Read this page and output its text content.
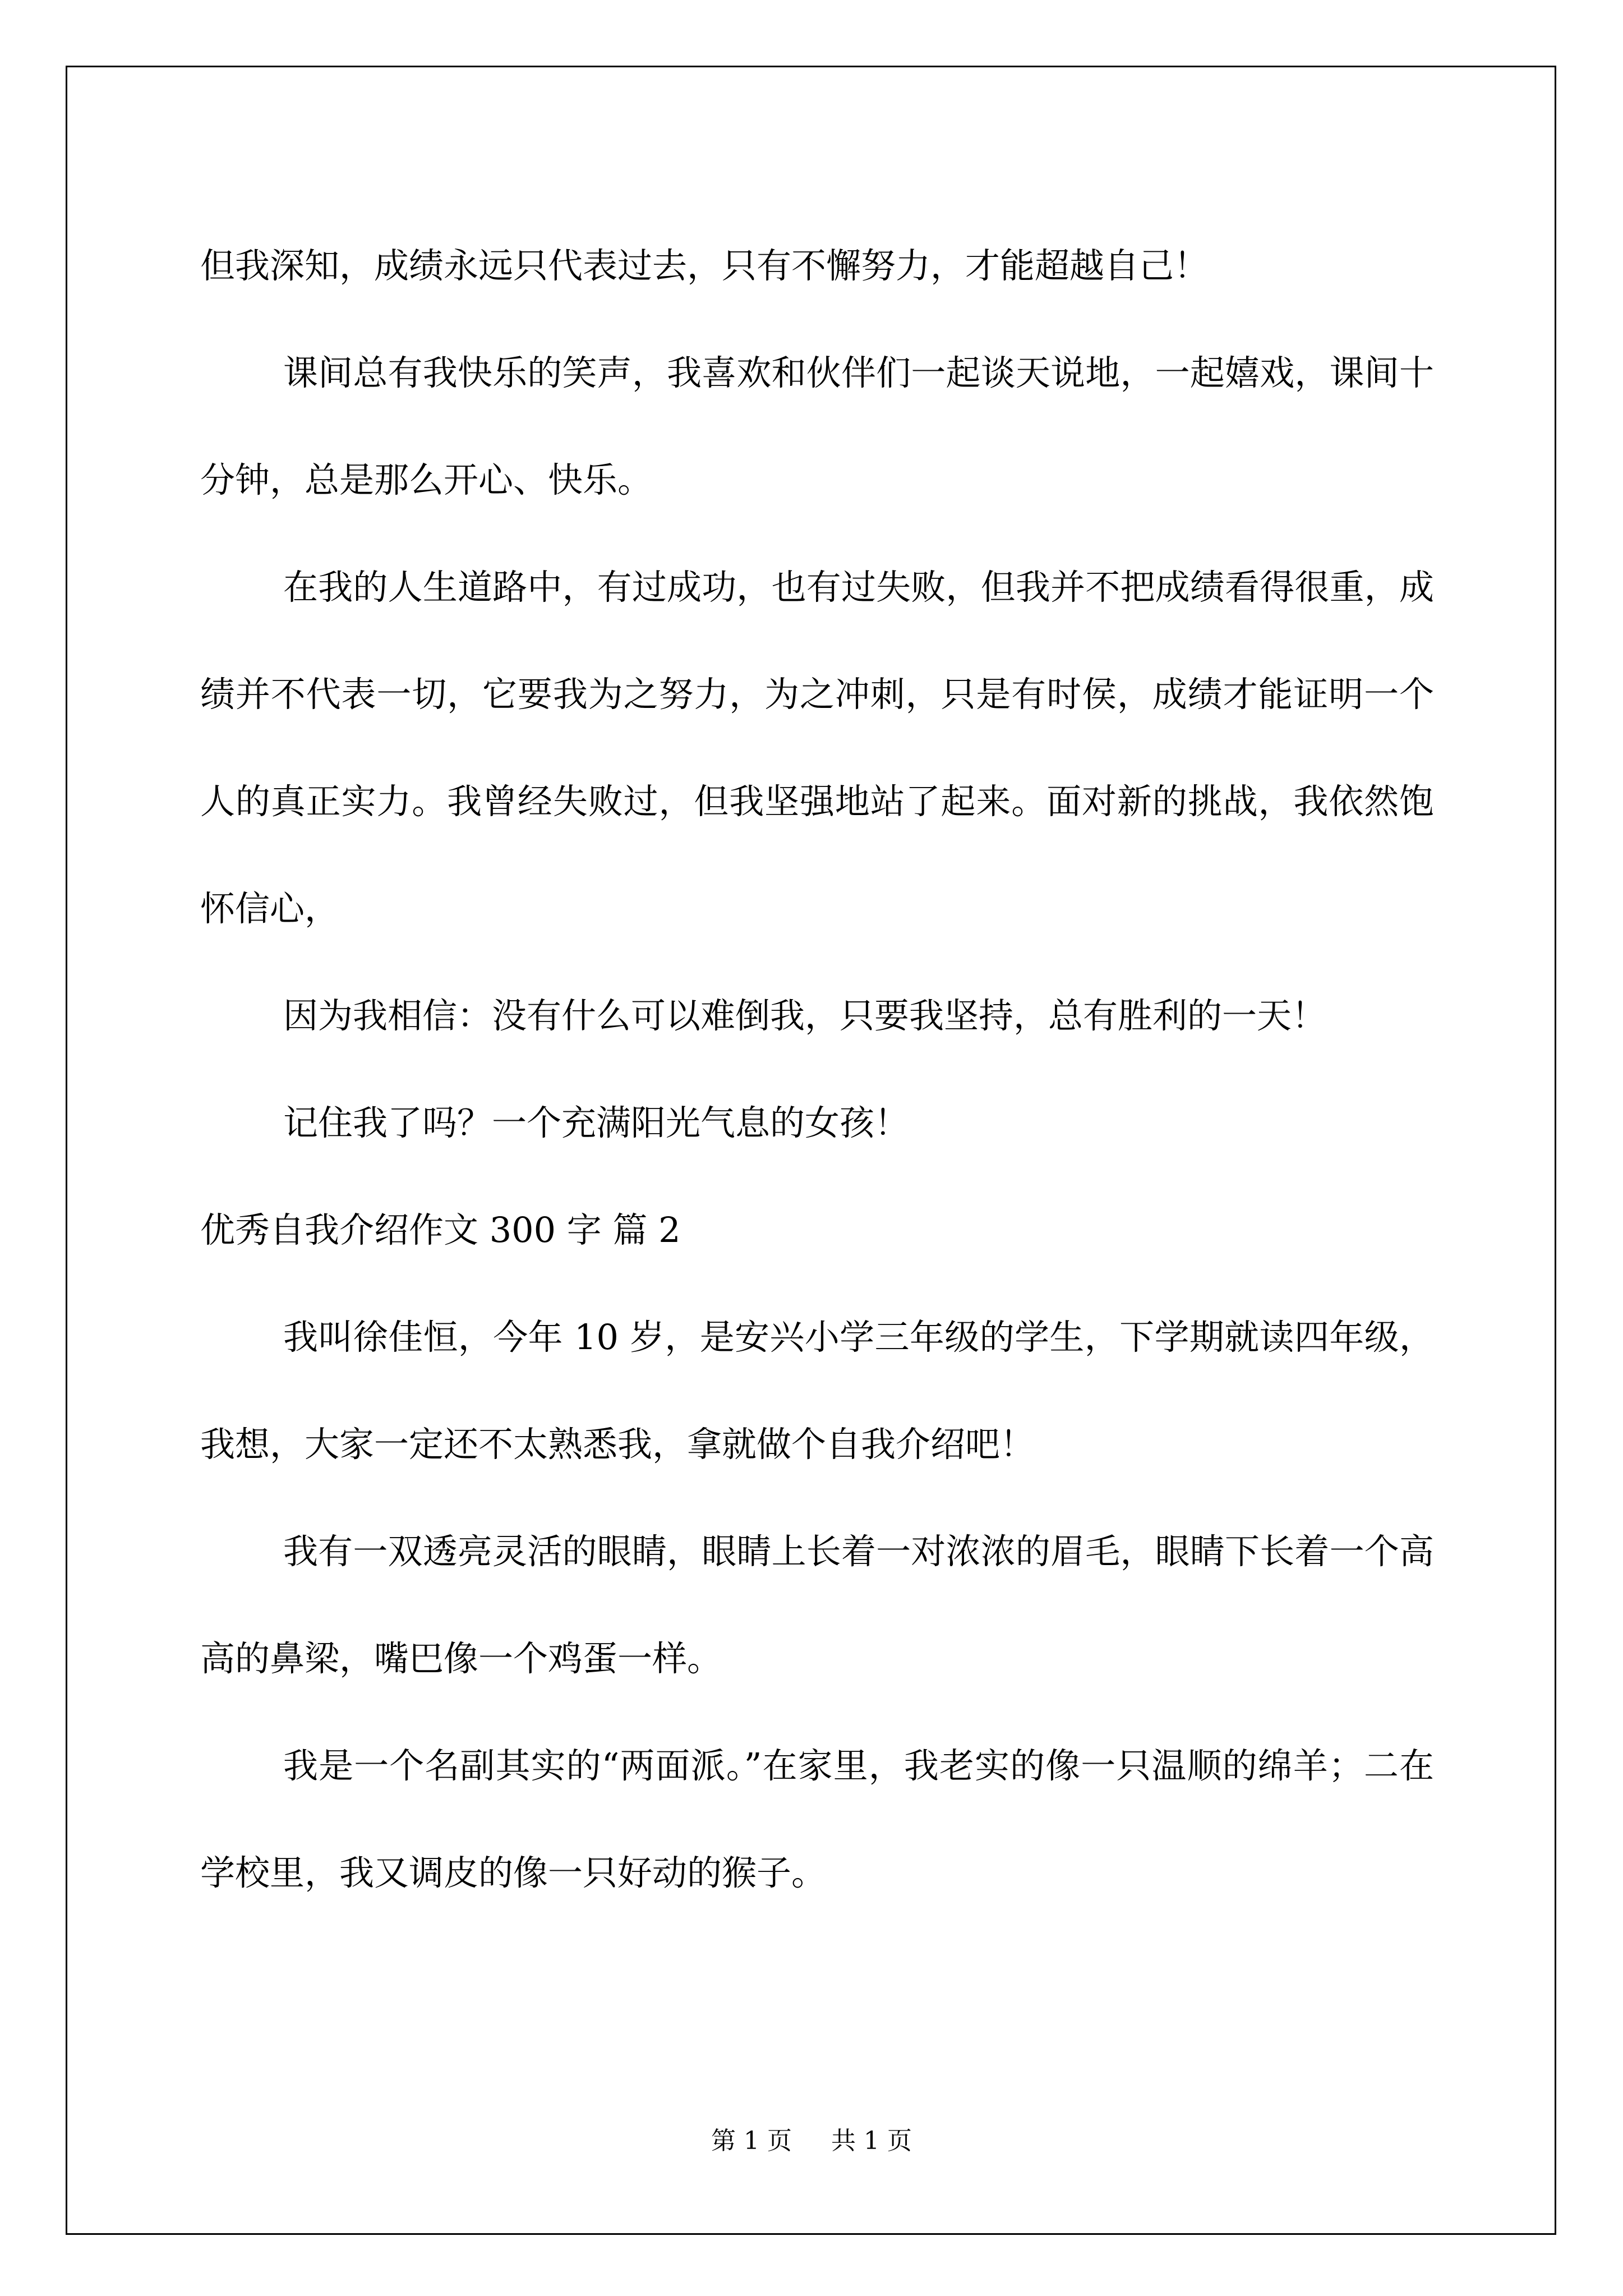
但我深知，成绩永远只代表过去，只有不懈努力，才能超越自己！

课间总有我快乐的笑声，我喜欢和伙伴们一起谈天说地，一起嬉戏，课间十分钟，总是那么开心、快乐。

在我的人生道路中，有过成功，也有过失败，但我并不把成绩看得很重，成绩并不代表一切，它要我为之努力，为之冲刺，只是有时侯，成绩才能证明一个人的真正实力。我曾经失败过，但我坚强地站了起来。面对新的挑战，我依然饱怀信心，

因为我相信：没有什么可以难倒我，只要我坚持，总有胜利的一天！

记住我了吗？一个充满阳光气息的女孩！

优秀自我介绍作文 300 字 篇 2

我叫徐佳恒，今年 10 岁，是安兴小学三年级的学生，下学期就读四年级，我想，大家一定还不太熟悉我，拿就做个自我介绍吧！

我有一双透亮灵活的眼睛，眼睛上长着一对浓浓的眉毛，眼睛下长着一个高高的鼻梁，嘴巴像一个鸡蛋一样。

我是一个名副其实的“两面派。”在家里，我老实的像一只温顺的绵羊；二在学校里，我又调皮的像一只好动的猴子。

第 1 页 共 1 页
